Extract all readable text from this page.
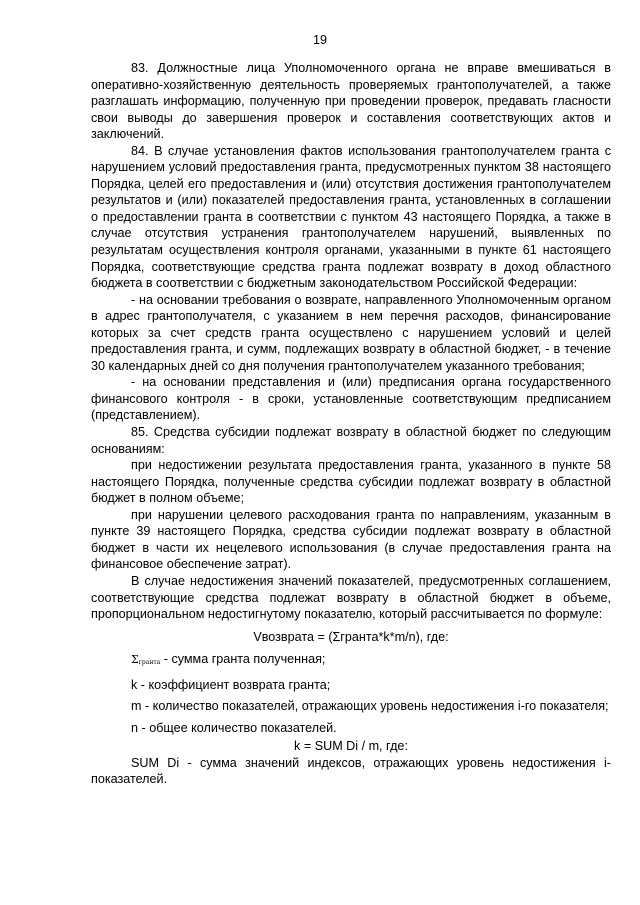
19

83. Должностные лица Уполномоченного органа не вправе вмешиваться в оперативно-хозяйственную деятельность проверяемых грантополучателей, а также разглашать информацию, полученную при проведении проверок, предавать гласности свои выводы до завершения проверок и составления соответствующих актов и заключений.

84. В случае установления фактов использования грантополучателем гранта с нарушением условий предоставления гранта, предусмотренных пунктом 38 настоящего Порядка, целей его предоставления и (или) отсутствия достижения грантополучателем результатов и (или) показателей предоставления гранта, установленных в соглашении о предоставлении гранта в соответствии с пунктом 43 настоящего Порядка, а также в случае отсутствия устранения грантополучателем нарушений, выявленных по результатам осуществления контроля органами, указанными в пункте 61 настоящего Порядка, соответствующие средства гранта подлежат возврату в доход областного бюджета в соответствии с бюджетным законодательством Российской Федерации:

- на основании требования о возврате, направленного Уполномоченным органом в адрес грантополучателя, с указанием в нем перечня расходов, финансирование которых за счет средств гранта осуществлено с нарушением условий и целей предоставления гранта, и сумм, подлежащих возврату в областной бюджет, - в течение 30 календарных дней со дня получения грантополучателем указанного требования;

- на основании представления и (или) предписания органа государственного финансового контроля - в сроки, установленные соответствующим предписанием (представлением).

85. Средства субсидии подлежат возврату в областной бюджет по следующим основаниям:

при недостижении результата предоставления гранта, указанного в пункте 58 настоящего Порядка, полученные средства субсидии подлежат возврату в областной бюджет в полном объеме;

при нарушении целевого расходования гранта по направлениям, указанным в пункте 39 настоящего Порядка, средства субсидии подлежат возврату в областной бюджет в части их нецелевого использования (в случае предоставления гранта на финансовое обеспечение затрат).

В случае недостижения значений показателей, предусмотренных соглашением, соответствующие средства подлежат возврату в областной бюджет в объеме, пропорциональном недостигнутому показателю, который рассчитывается по формуле:

Vвозврата = (Σгранта*k*m/n), где:

Σгранта - сумма гранта полученная;

k - коэффициент возврата гранта;

m - количество показателей, отражающих уровень недостижения i-го показателя;

n - общее количество показателей.

k = SUM Di / m, где:

SUM Di - сумма значений индексов, отражающих уровень недостижения i-показателей.
